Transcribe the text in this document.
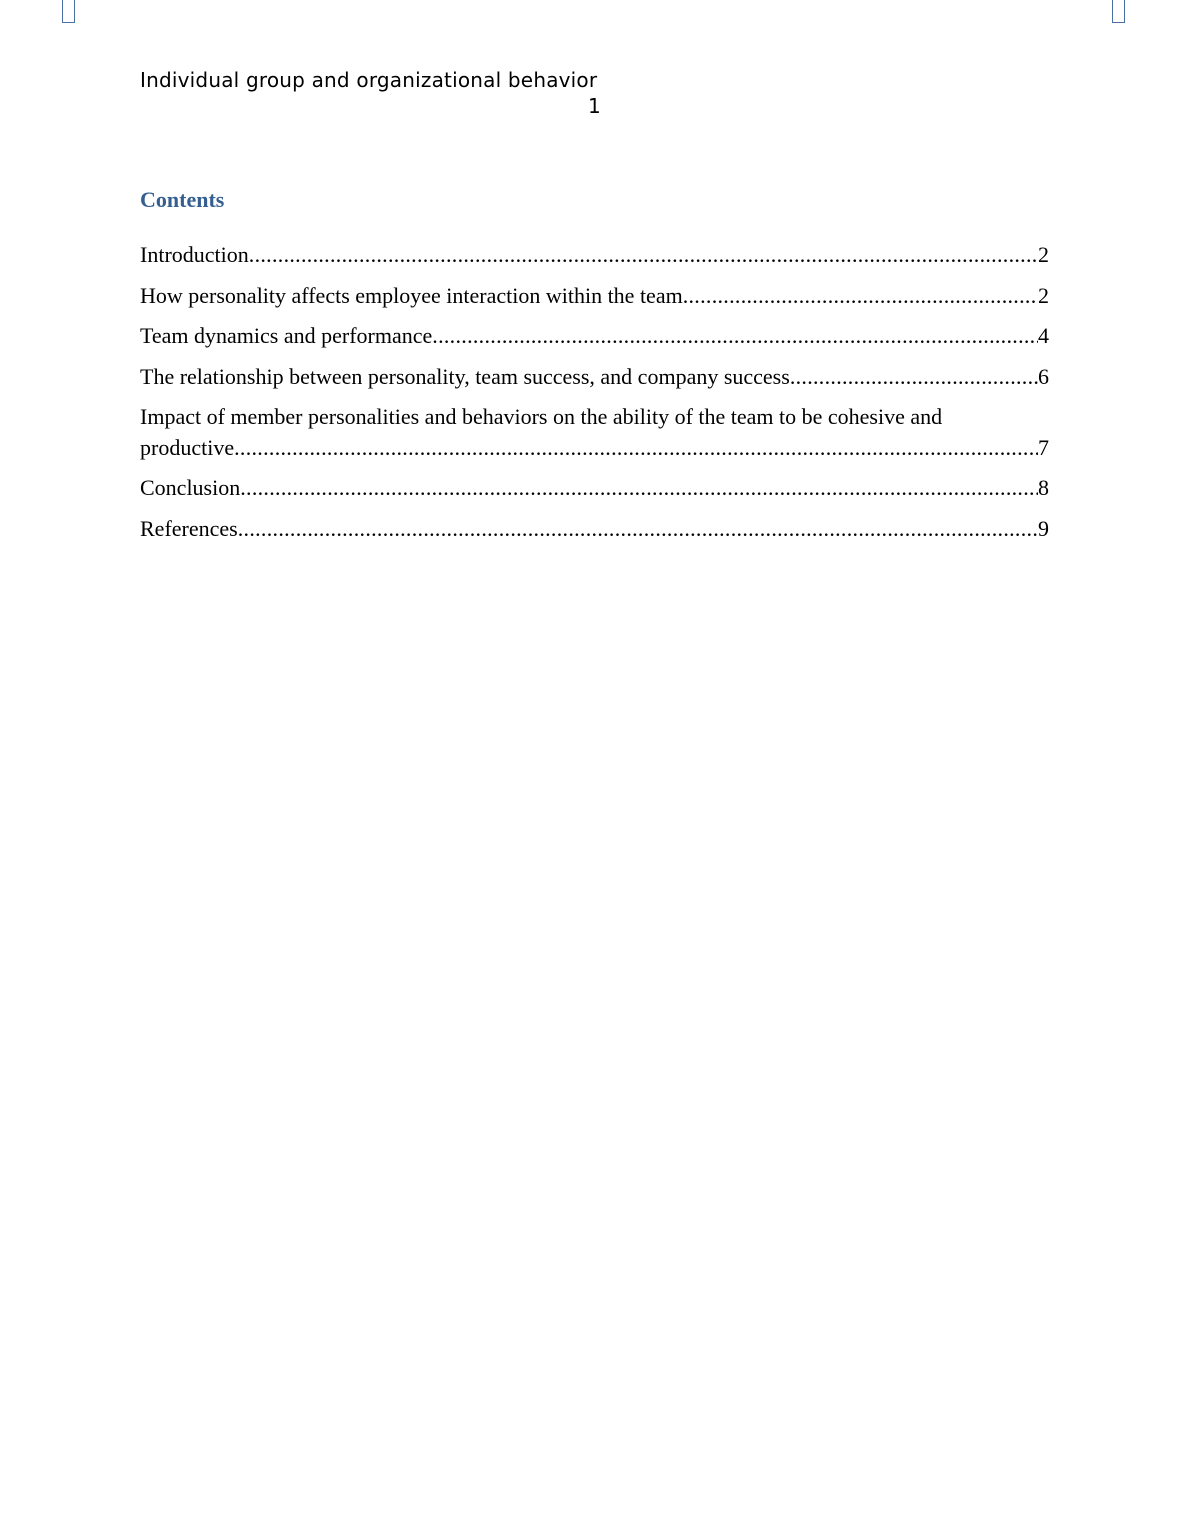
Individual group and organizational behavior
1
Contents
Introduction .....	2
How personality affects employee interaction within the team .....	2
Team dynamics and performance .....	4
The relationship between personality, team success, and company success .....	6
Impact of member personalities and behaviors on the ability of the team to be cohesive and
productive .....	7
Conclusion .....	8
References .....	9
